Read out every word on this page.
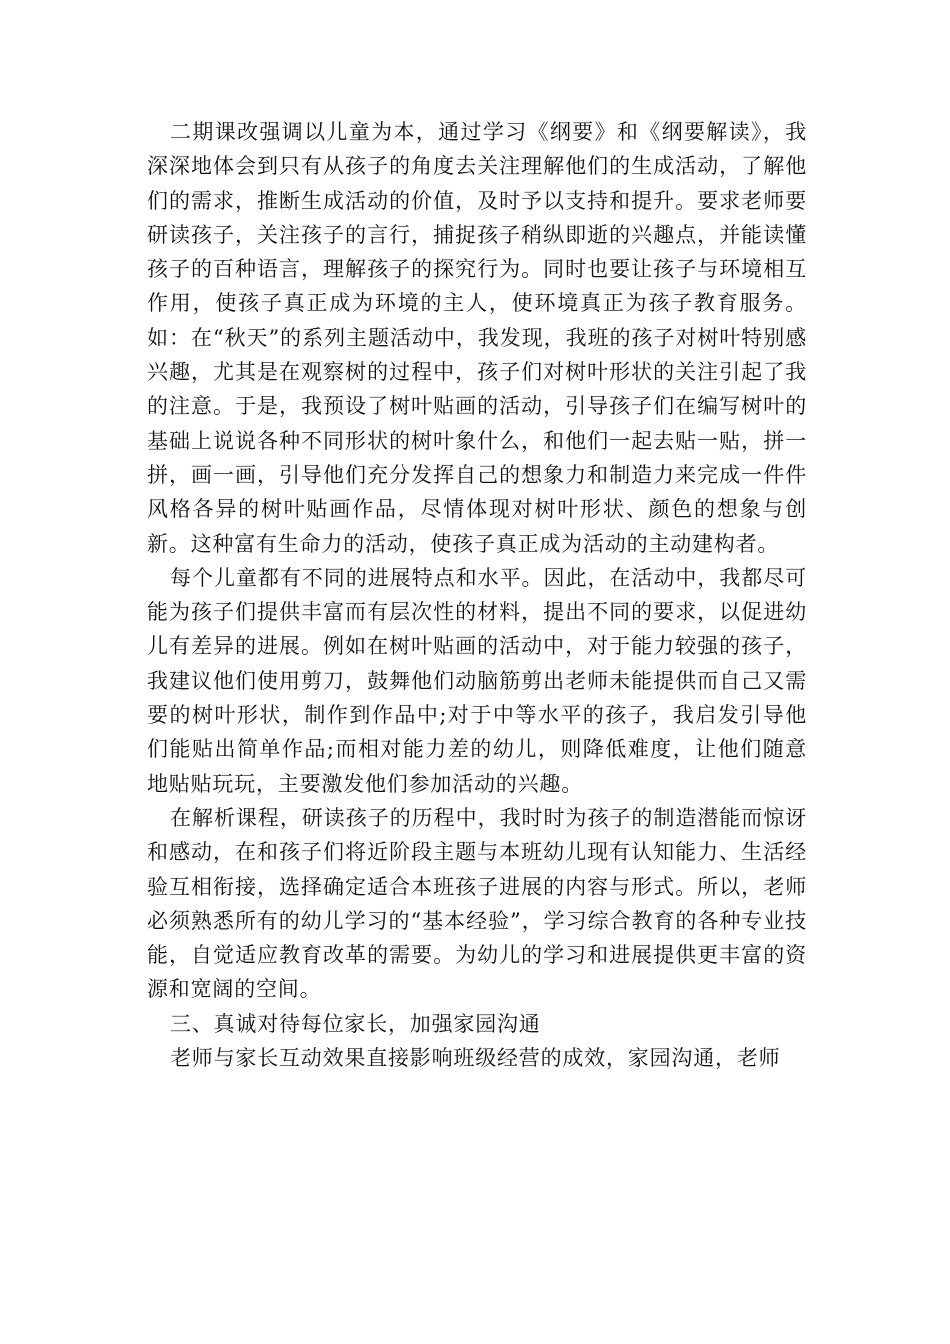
二期课改强调以儿童为本，通过学习《纲要》和《纲要解读》，我深深地体会到只有从孩子的角度去关注理解他们的生成活动，了解他们的需求，推断生成活动的价值，及时予以支持和提升。要求老师要研读孩子，关注孩子的言行，捕捉孩子稍纵即逝的兴趣点，并能读懂孩子的百种语言，理解孩子的探究行为。同时也要让孩子与环境相互作用，使孩子真正成为环境的主人，使环境真正为孩子教育服务。如：在“秋天”的系列主题活动中，我发现，我班的孩子对树叶特别感兴趣，尤其是在观察树的过程中，孩子们对树叶形状的关注引起了我的注意。于是，我预设了树叶贴画的活动，引导孩子们在编写树叶的基础上说说各种不同形状的树叶象什么，和他们一起去贴一贴，拼一拼，画一画，引导他们充分发挥自己的想象力和制造力来完成一件件风格各异的树叶贴画作品，尽情体现对树叶形状、颜色的想象与创新。这种富有生命力的活动，使孩子真正成为活动的主动建构者。

每个儿童都有不同的进展特点和水平。因此，在活动中，我都尽可能为孩子们提供丰富而有层次性的材料，提出不同的要求，以促进幼儿有差异的进展。例如在树叶贴画的活动中，对于能力较强的孩子，我建议他们使用剪刀，鼓舞他们动脑筋剪出老师未能提供而自己又需要的树叶形状，制作到作品中;对于中等水平的孩子，我启发引导他们能贴出简单作品;而相对能力差的幼儿，则降低难度，让他们随意地贴贴玩玩，主要激发他们参加活动的兴趣。

在解析课程，研读孩子的历程中，我时时为孩子的制造潜能而惊讶和感动，在和孩子们将近阶段主题与本班幼儿现有认知能力、生活经验互相衔接，选择确定适合本班孩子进展的内容与形式。所以，老师必须熟悉所有的幼儿学习的“基本经验”，学习综合教育的各种专业技能，自觉适应教育改革的需要。为幼儿的学习和进展提供更丰富的资源和宽阔的空间。

三、真诚对待每位家长，加强家园沟通

老师与家长互动效果直接影响班级经营的成效，家园沟通，老师
